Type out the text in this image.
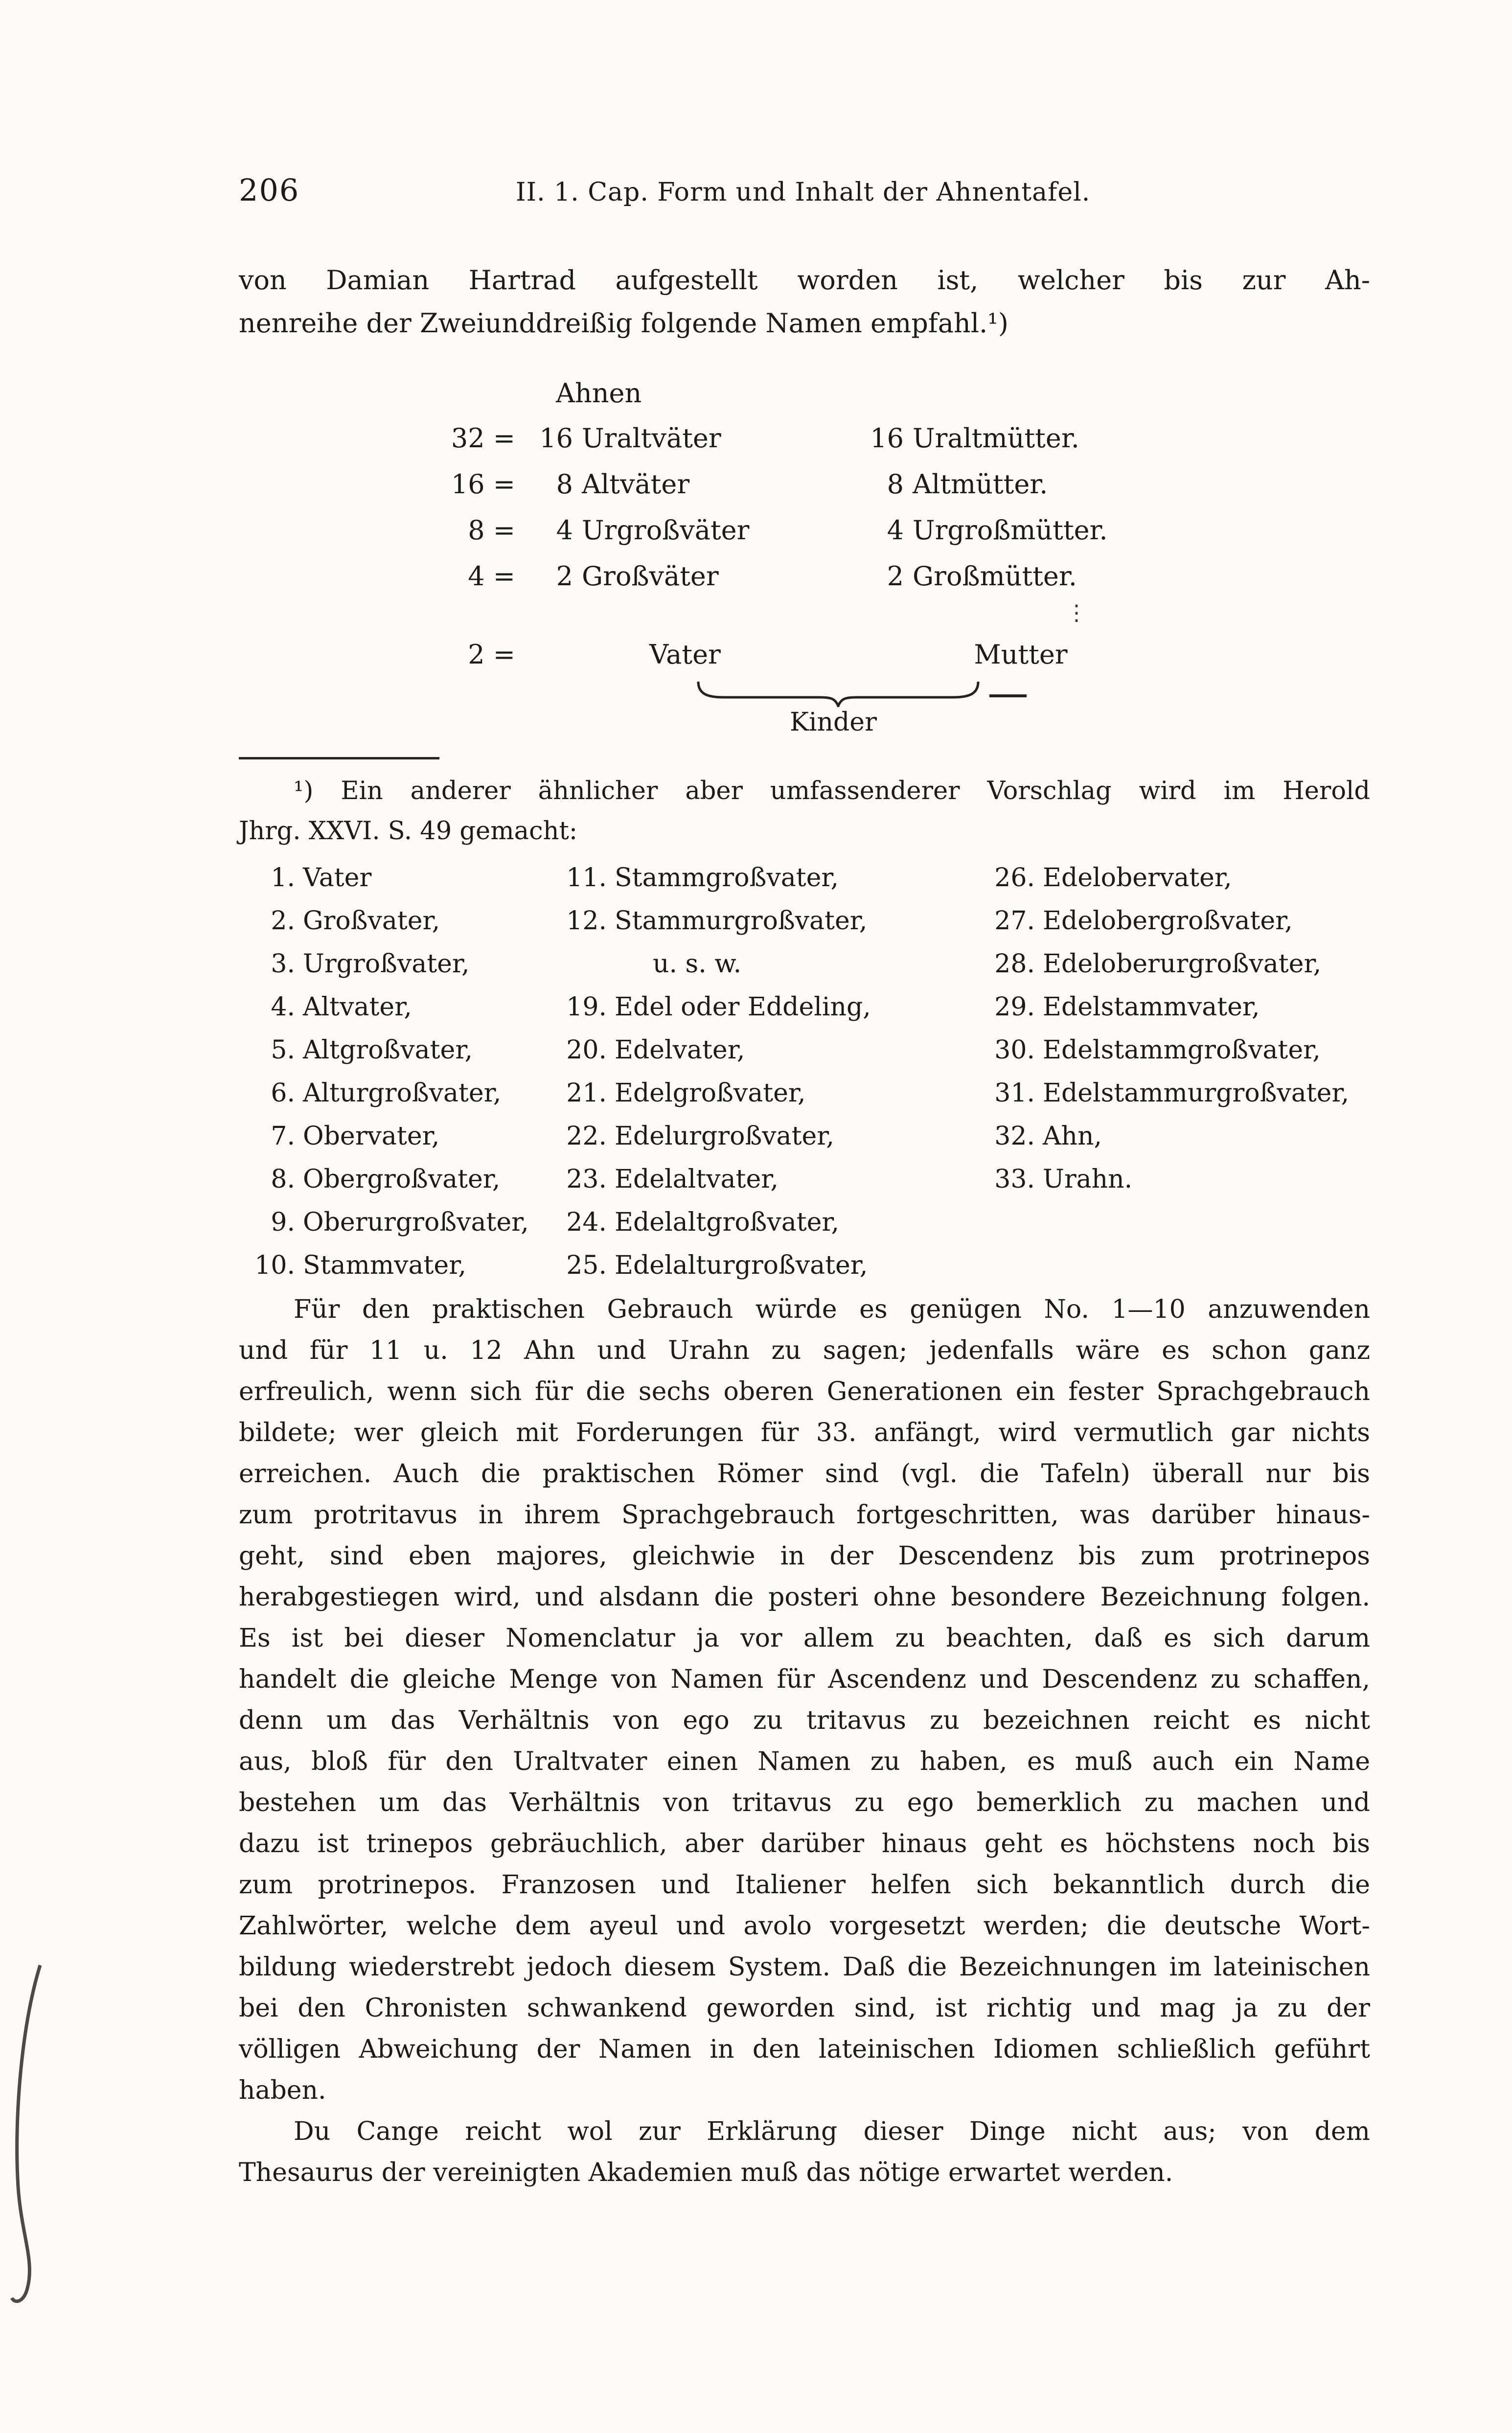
206	II. 1. Cap. Form und Inhalt der Ahnentafel.
von Damian Hartrad aufgestellt worden ist, welcher bis zur Ah-
nenreihe der Zweiunddreißig folgende Namen empfahl.¹)
Ahnen
32 = 16 Uraltväter	16 Uraltmütter.
16 =	8 Altväter	8 Altmütter.
8 =	4 Urgroßväter	4 Urgroßmütter.
4 =	2 Großväter	2 Großmütter.
⋮
2 =	Vater	Mutter
Kinder
¹) Ein anderer ähnlicher aber umfassenderer Vorschlag wird im Herold
Jhrg. XXVI. S. 49 gemacht:
1. Vater	11. Stammgroßvater,	26. Edelobervater,
2. Großvater,	12. Stammurgroßvater,	27. Edelobergroßvater,
3. Urgroßvater,	  u. s. w.	28. Edeloberurgroßvater,
4. Altvater,	19. Edel oder Eddeling,	29. Edelstammvater,
5. Altgroßvater,	20. Edelvater,	30. Edelstammgroßvater,
6. Alturgroßvater,	21. Edelgroßvater,	31. Edelstammurgroßvater,
7. Obervater,	22. Edelurgroßvater,	32. Ahn,
8. Obergroßvater,	23. Edelaltvater,	33. Urahn.
9. Oberurgroßvater,	24. Edelaltgroßvater,
10. Stammvater,	25. Edelalturgroßvater,
Für den praktischen Gebrauch würde es genügen No. 1—10 anzuwenden
und für 11 u. 12 Ahn und Urahn zu sagen; jedenfalls wäre es schon ganz
erfreulich, wenn sich für die sechs oberen Generationen ein fester Sprachgebrauch
bildete; wer gleich mit Forderungen für 33. anfängt, wird vermutlich gar nichts
erreichen. Auch die praktischen Römer sind (vgl. die Tafeln) überall nur bis
zum protritavus in ihrem Sprachgebrauch fortgeschritten, was darüber hinaus-
geht, sind eben majores, gleichwie in der Descendenz bis zum protrinepos
herabgestiegen wird, und alsdann die posteri ohne besondere Bezeichnung folgen.
Es ist bei dieser Nomenclatur ja vor allem zu beachten, daß es sich darum
handelt die gleiche Menge von Namen für Ascendenz und Descendenz zu schaffen,
denn um das Verhältnis von ego zu tritavus zu bezeichnen reicht es nicht
aus, bloß für den Uraltvater einen Namen zu haben, es muß auch ein Name
bestehen um das Verhältnis von tritavus zu ego bemerklich zu machen und
dazu ist trinepos gebräuchlich, aber darüber hinaus geht es höchstens noch bis
zum protrinepos. Franzosen und Italiener helfen sich bekanntlich durch die
Zahlwörter, welche dem ayeul und avolo vorgesetzt werden; die deutsche Wort-
bildung wiederstrebt jedoch diesem System. Daß die Bezeichnungen im lateinischen
bei den Chronisten schwankend geworden sind, ist richtig und mag ja zu der
völligen Abweichung der Namen in den lateinischen Idiomen schließlich geführt haben.
Du Cange reicht wol zur Erklärung dieser Dinge nicht aus; von dem
Thesaurus der vereinigten Akademien muß das nötige erwartet werden.
